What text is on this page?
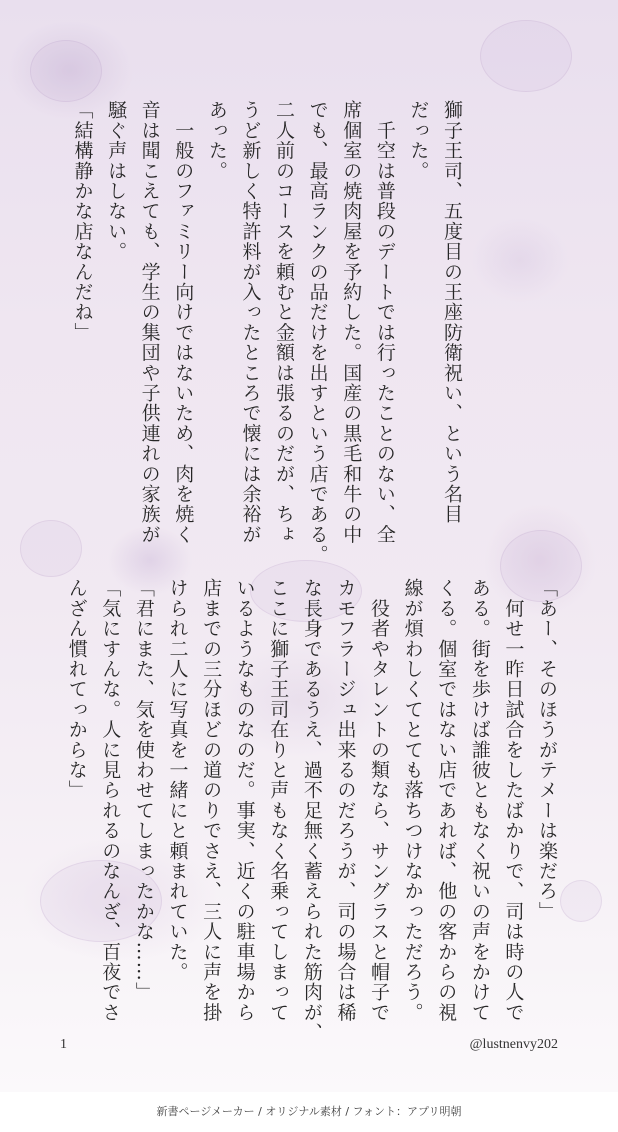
獅子王司、五度目の王座防衛祝い、という名目
だった。
　千空は普段のデートでは行ったことのない、全
席個室の焼肉屋を予約した。国産の黒毛和牛の中
でも、最高ランクの品だけを出すという店である。
二人前のコースを頼むと金額は張るのだが、ちょ
うど新しく特許料が入ったところで懐には余裕が
あった。
　一般のファミリー向けではないため、肉を焼く
音は聞こえても、学生の集団や子供連れの家族が
騒ぐ声はしない。
「結構静かな店なんだね」
「あー、そのほうがテメーは楽だろ」
　何せ一昨日試合をしたばかりで、司は時の人で
ある。街を歩けば誰彼ともなく祝いの声をかけて
くる。個室ではない店であれば、他の客からの視
線が煩わしくてとても落ちつけなかっただろう。
　役者やタレントの類なら、サングラスと帽子で
カモフラージュ出来るのだろうが、司の場合は稀
な長身であるうえ、過不足無く蓄えられた筋肉が、
ここに獅子王司在りと声もなく名乗ってしまって
いるようなものなのだ。事実、近くの駐車場から
店までの三分ほどの道のりでさえ、三人に声を掛
けられ二人に写真を一緒にと頼まれていた。
「君にまた、気を使わせてしまったかな……」
「気にすんな。人に見られるのなんざ、百夜でさ
んざん慣れてっからな」
1	@lustnenvy202
新書ページメーカー / オリジナル素材 / フォント：アプリ明朝
